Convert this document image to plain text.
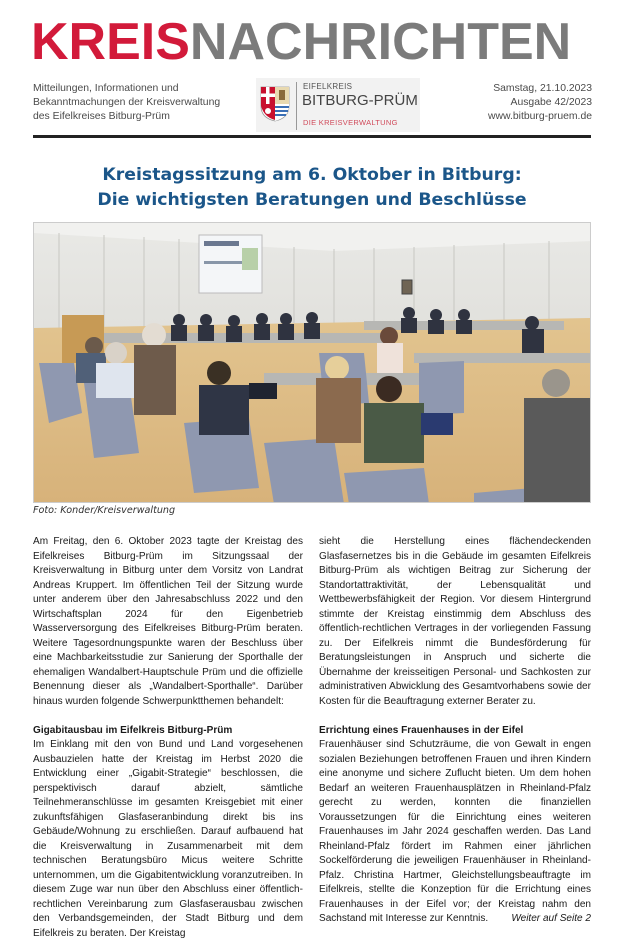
KREISNACHRICHTEN
Mitteilungen, Informationen und
Bekanntmachungen der Kreisverwaltung
des Eifelkreises Bitburg-Prüm
EIFELKREIS
BITBURG-PRÜM
DIE KREISVERWALTUNG
Samstag, 21.10.2023
Ausgabe 42/2023
www.bitburg-pruem.de
Kreistagssitzung am 6. Oktober in Bitburg:
Die wichtigsten Beratungen und Beschlüsse
Foto: Konder/Kreisverwaltung

Am Freitag, den 6. Oktober 2023 tagte der Kreistag des Eifelkreises Bitburg-Prüm im Sitzungssaal der Kreisverwaltung in Bitburg unter dem Vorsitz von Landrat Andreas Kruppert. Im öffentlichen Teil der Sitzung wurde unter anderem über den Jahresabschluss 2022 und den Wirtschaftsplan 2024 für den Eigenbetrieb Wasserversorgung des Eifelkreises Bitburg-Prüm beraten. Weitere Tagesordnungspunkte waren der Beschluss über eine Machbarkeitsstudie zur Sanierung der Sporthalle der ehemaligen Wandalbert-Hauptschule Prüm und die offizielle Benennung dieser als „Wandalbert-Sporthalle“. Darüber hinaus wurden folgende Schwerpunktthemen behandelt:

Gigabitausbau im Eifelkreis Bitburg-Prüm

Im Einklang mit den von Bund und Land vorgesehenen Ausbauzielen hatte der Kreistag im Herbst 2020 die Entwicklung einer „Gigabit-Strategie“ beschlossen, die perspektivisch darauf abzielt, sämtliche Teilnehmeranschlüsse im gesamten Kreisgebiet mit einer zukunftsfähigen Glasfaseranbindung direkt bis ins Gebäude/Wohnung zu erschließen. Darauf aufbauend hat die Kreisverwaltung in Zusammenarbeit mit dem technischen Beratungsbüro Micus weitere Schritte unternommen, um die Gigabitentwicklung voranzutreiben. In diesem Zuge war nun über den Abschluss einer öffentlich-rechtlichen Vereinbarung zum Glasfaserausbau zwischen den Verbandsgemeinden, der Stadt Bitburg und dem Eifelkreis zu beraten. Der Kreistag

sieht die Herstellung eines flächendeckenden Glasfasernetzes bis in die Gebäude im gesamten Eifelkreis Bitburg-Prüm als wichtigen Beitrag zur Sicherung der Standortattraktivität, der Lebensqualität und Wettbewerbsfähigkeit der Region. Vor diesem Hintergrund stimmte der Kreistag einstimmig dem Abschluss des öffentlich-rechtlichen Vertrages in der vorliegenden Fassung zu. Der Eifelkreis nimmt die Bundesförderung für Beratungsleistungen in Anspruch und sicherte die Übernahme der kreisseitigen Personal- und Sachkosten zur administrativen Abwicklung des Gesamtvorhabens sowie der Kosten für die Beauftragung externer Berater zu.

Errichtung eines Frauenhauses in der Eifel

Frauenhäuser sind Schutzräume, die von Gewalt in engen sozialen Beziehungen betroffenen Frauen und ihren Kindern eine anonyme und sichere Zuflucht bieten. Um dem hohen Bedarf an weiteren Frauenhausplätzen in Rheinland-Pfalz gerecht zu werden, konnten die finanziellen Voraussetzungen für die Einrichtung eines weiteren Frauenhauses im Jahr 2024 geschaffen werden. Das Land Rheinland-Pfalz fördert im Rahmen einer jährlichen Sockelförderung die jeweiligen Frauenhäuser in Rheinland-Pfalz. Christina Hartmer, Gleichstellungsbeauftragte im Eifelkreis, stellte die Konzeption für die Errichtung eines Frauenhauses in der Eifel vor; der Kreistag nahm den Sachstand mit Interesse zur Kenntnis. Weiter auf Seite 2
